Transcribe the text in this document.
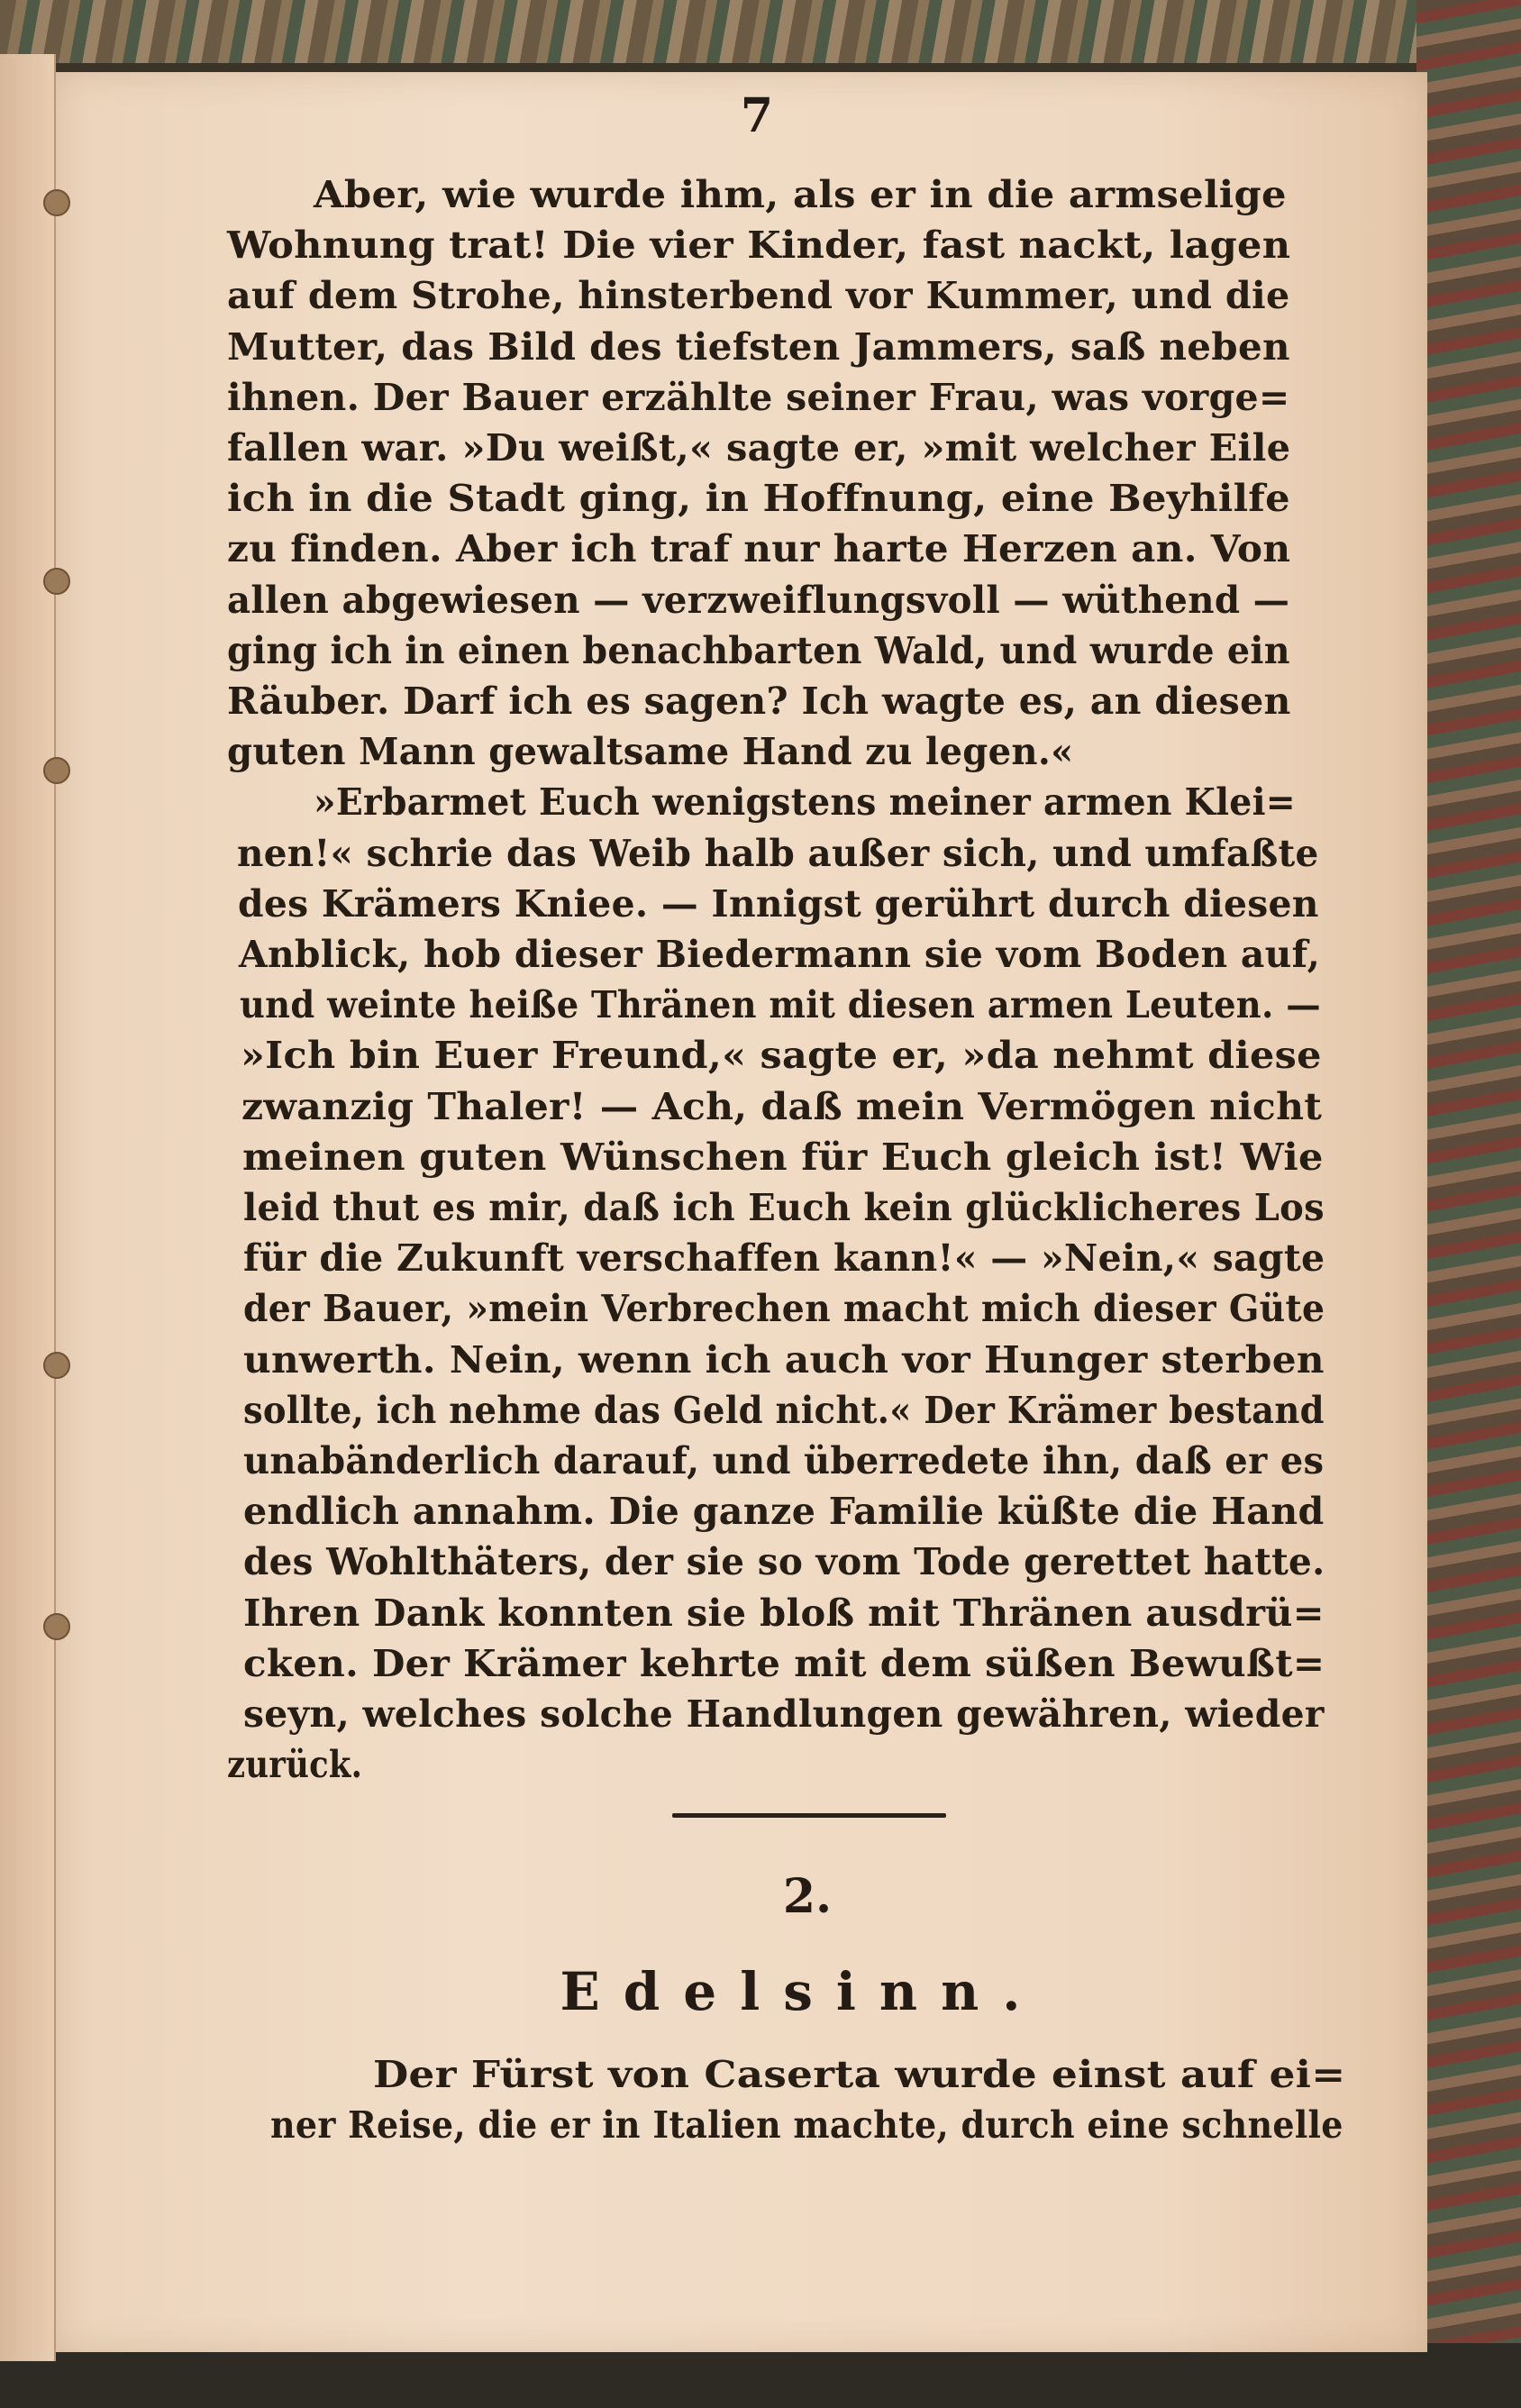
7
Aber, wie wurde ihm, als er in die armselige
Wohnung trat! Die vier Kinder, fast nackt, lagen
auf dem Strohe, hinsterbend vor Kummer, und die
Mutter, das Bild des tiefsten Jammers, saß neben
ihnen. Der Bauer erzählte seiner Frau, was vorge=
fallen war. »Du weißt,« sagte er, »mit welcher Eile
ich in die Stadt ging, in Hoffnung, eine Beyhilfe
zu finden. Aber ich traf nur harte Herzen an. Von
allen abgewiesen — verzweiflungsvoll — wüthend —
ging ich in einen benachbarten Wald, und wurde ein
Räuber. Darf ich es sagen? Ich wagte es, an diesen
guten Mann gewaltsame Hand zu legen.«
»Erbarmet Euch wenigstens meiner armen Klei=
nen!« schrie das Weib halb außer sich, und umfaßte
des Krämers Kniee. — Innigst gerührt durch diesen
Anblick, hob dieser Biedermann sie vom Boden auf,
und weinte heiße Thränen mit diesen armen Leuten. —
»Ich bin Euer Freund,« sagte er, »da nehmt diese
zwanzig Thaler! — Ach, daß mein Vermögen nicht
meinen guten Wünschen für Euch gleich ist! Wie
leid thut es mir, daß ich Euch kein glücklicheres Los
für die Zukunft verschaffen kann!« — »Nein,« sagte
der Bauer, »mein Verbrechen macht mich dieser Güte
unwerth. Nein, wenn ich auch vor Hunger sterben
sollte, ich nehme das Geld nicht.« Der Krämer bestand
unabänderlich darauf, und überredete ihn, daß er es
endlich annahm. Die ganze Familie küßte die Hand
des Wohlthäters, der sie so vom Tode gerettet hatte.
Ihren Dank konnten sie bloß mit Thränen ausdrü=
cken. Der Krämer kehrte mit dem süßen Bewußt=
seyn, welches solche Handlungen gewähren, wieder
zurück.
2.
Edelsinn.
Der Fürst von Caserta wurde einst auf ei=
ner Reise, die er in Italien machte, durch eine schnelle
